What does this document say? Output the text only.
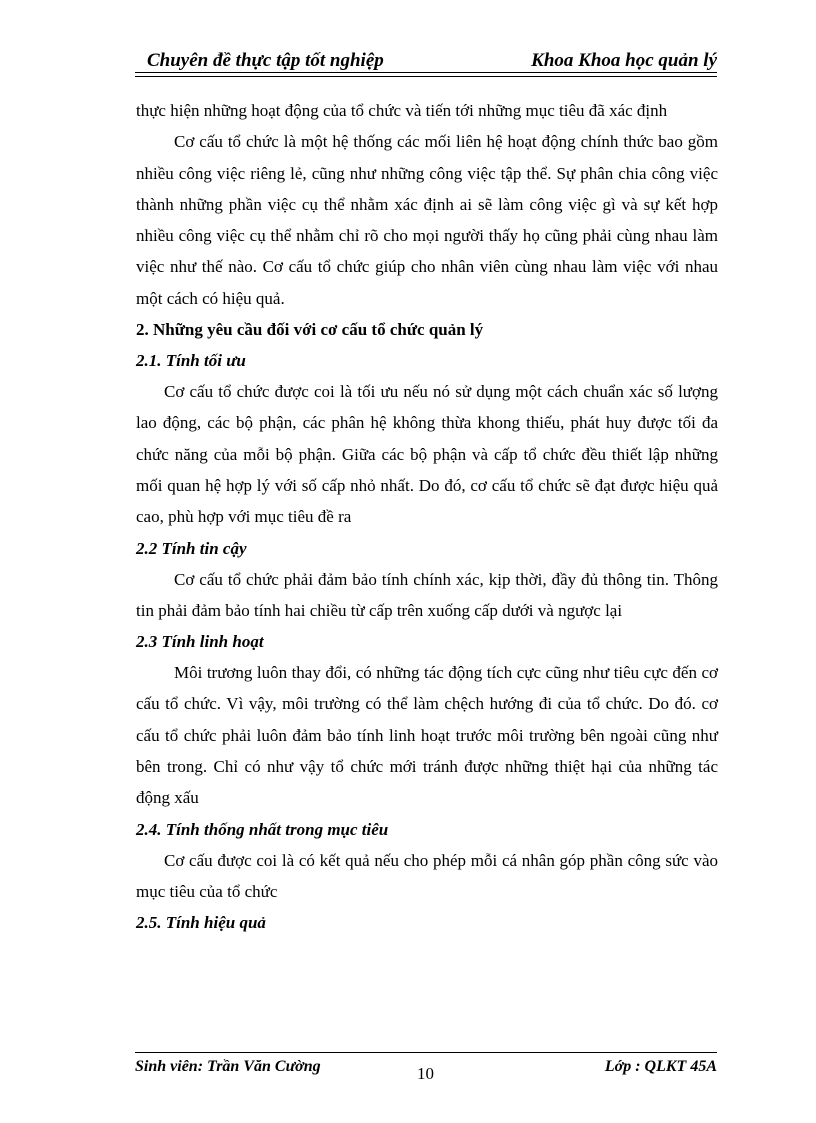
Chuyên đề thực tập tốt nghiệp	Khoa Khoa học quản lý

thực hiện những hoạt động của tổ chức và tiến tới những mục tiêu đã xác định

Cơ cấu tổ chức là một hệ thống các mối liên hệ hoạt động chính thức bao gồm nhiều công việc riêng lẻ, cũng như những công việc tập thể. Sự phân chia công việc thành những phần việc cụ thể nhằm xác định ai sẽ làm công việc gì và sự kết hợp nhiều công việc cụ thể nhằm chỉ rõ cho mọi người thấy họ cũng phải cùng nhau làm việc như thế nào. Cơ cấu tổ chức giúp cho nhân viên cùng nhau làm việc với nhau một cách có hiệu quả.

2. Những yêu cầu đối với cơ cấu tổ chức quản lý

2.1. Tính tối ưu

Cơ cấu tổ chức được coi là tối ưu nếu nó sử dụng một cách chuẩn xác số lượng lao động, các bộ phận, các phân hệ không thừa khong thiếu, phát huy được tối đa chức năng của mỗi bộ phận. Giữa các bộ phận và cấp tổ chức đều thiết lập những mối quan hệ hợp lý với số cấp nhỏ nhất. Do đó, cơ cấu tổ chức sẽ đạt được hiệu quả cao, phù hợp với mục tiêu đề ra

2.2 Tính tin cậy

Cơ cấu tổ chức phải đảm bảo tính chính xác, kịp thời, đầy đủ thông tin. Thông tin phải đảm bảo tính hai chiều từ cấp trên xuống cấp dưới và ngược lại

2.3 Tính linh hoạt

Môi trương luôn thay đổi, có những tác động tích cực cũng như tiêu cực đến cơ cấu tổ chức. Vì vậy, môi trường có thể làm chệch hướng đi của tổ chức. Do đó. cơ cấu tổ chức phải luôn đảm bảo tính linh hoạt trước môi trường bên ngoài cũng như bên trong. Chỉ có như vậy tổ chức mới tránh được những thiệt hại của những tác động xấu

2.4. Tính thống nhất trong mục tiêu

Cơ cấu được coi là có kết quả nếu cho phép mỗi cá nhân góp phần công sức vào mục tiêu của tổ chức

2.5. Tính hiệu quả

Sinh viên: Trần Văn Cường	10	Lớp : QLKT 45A
